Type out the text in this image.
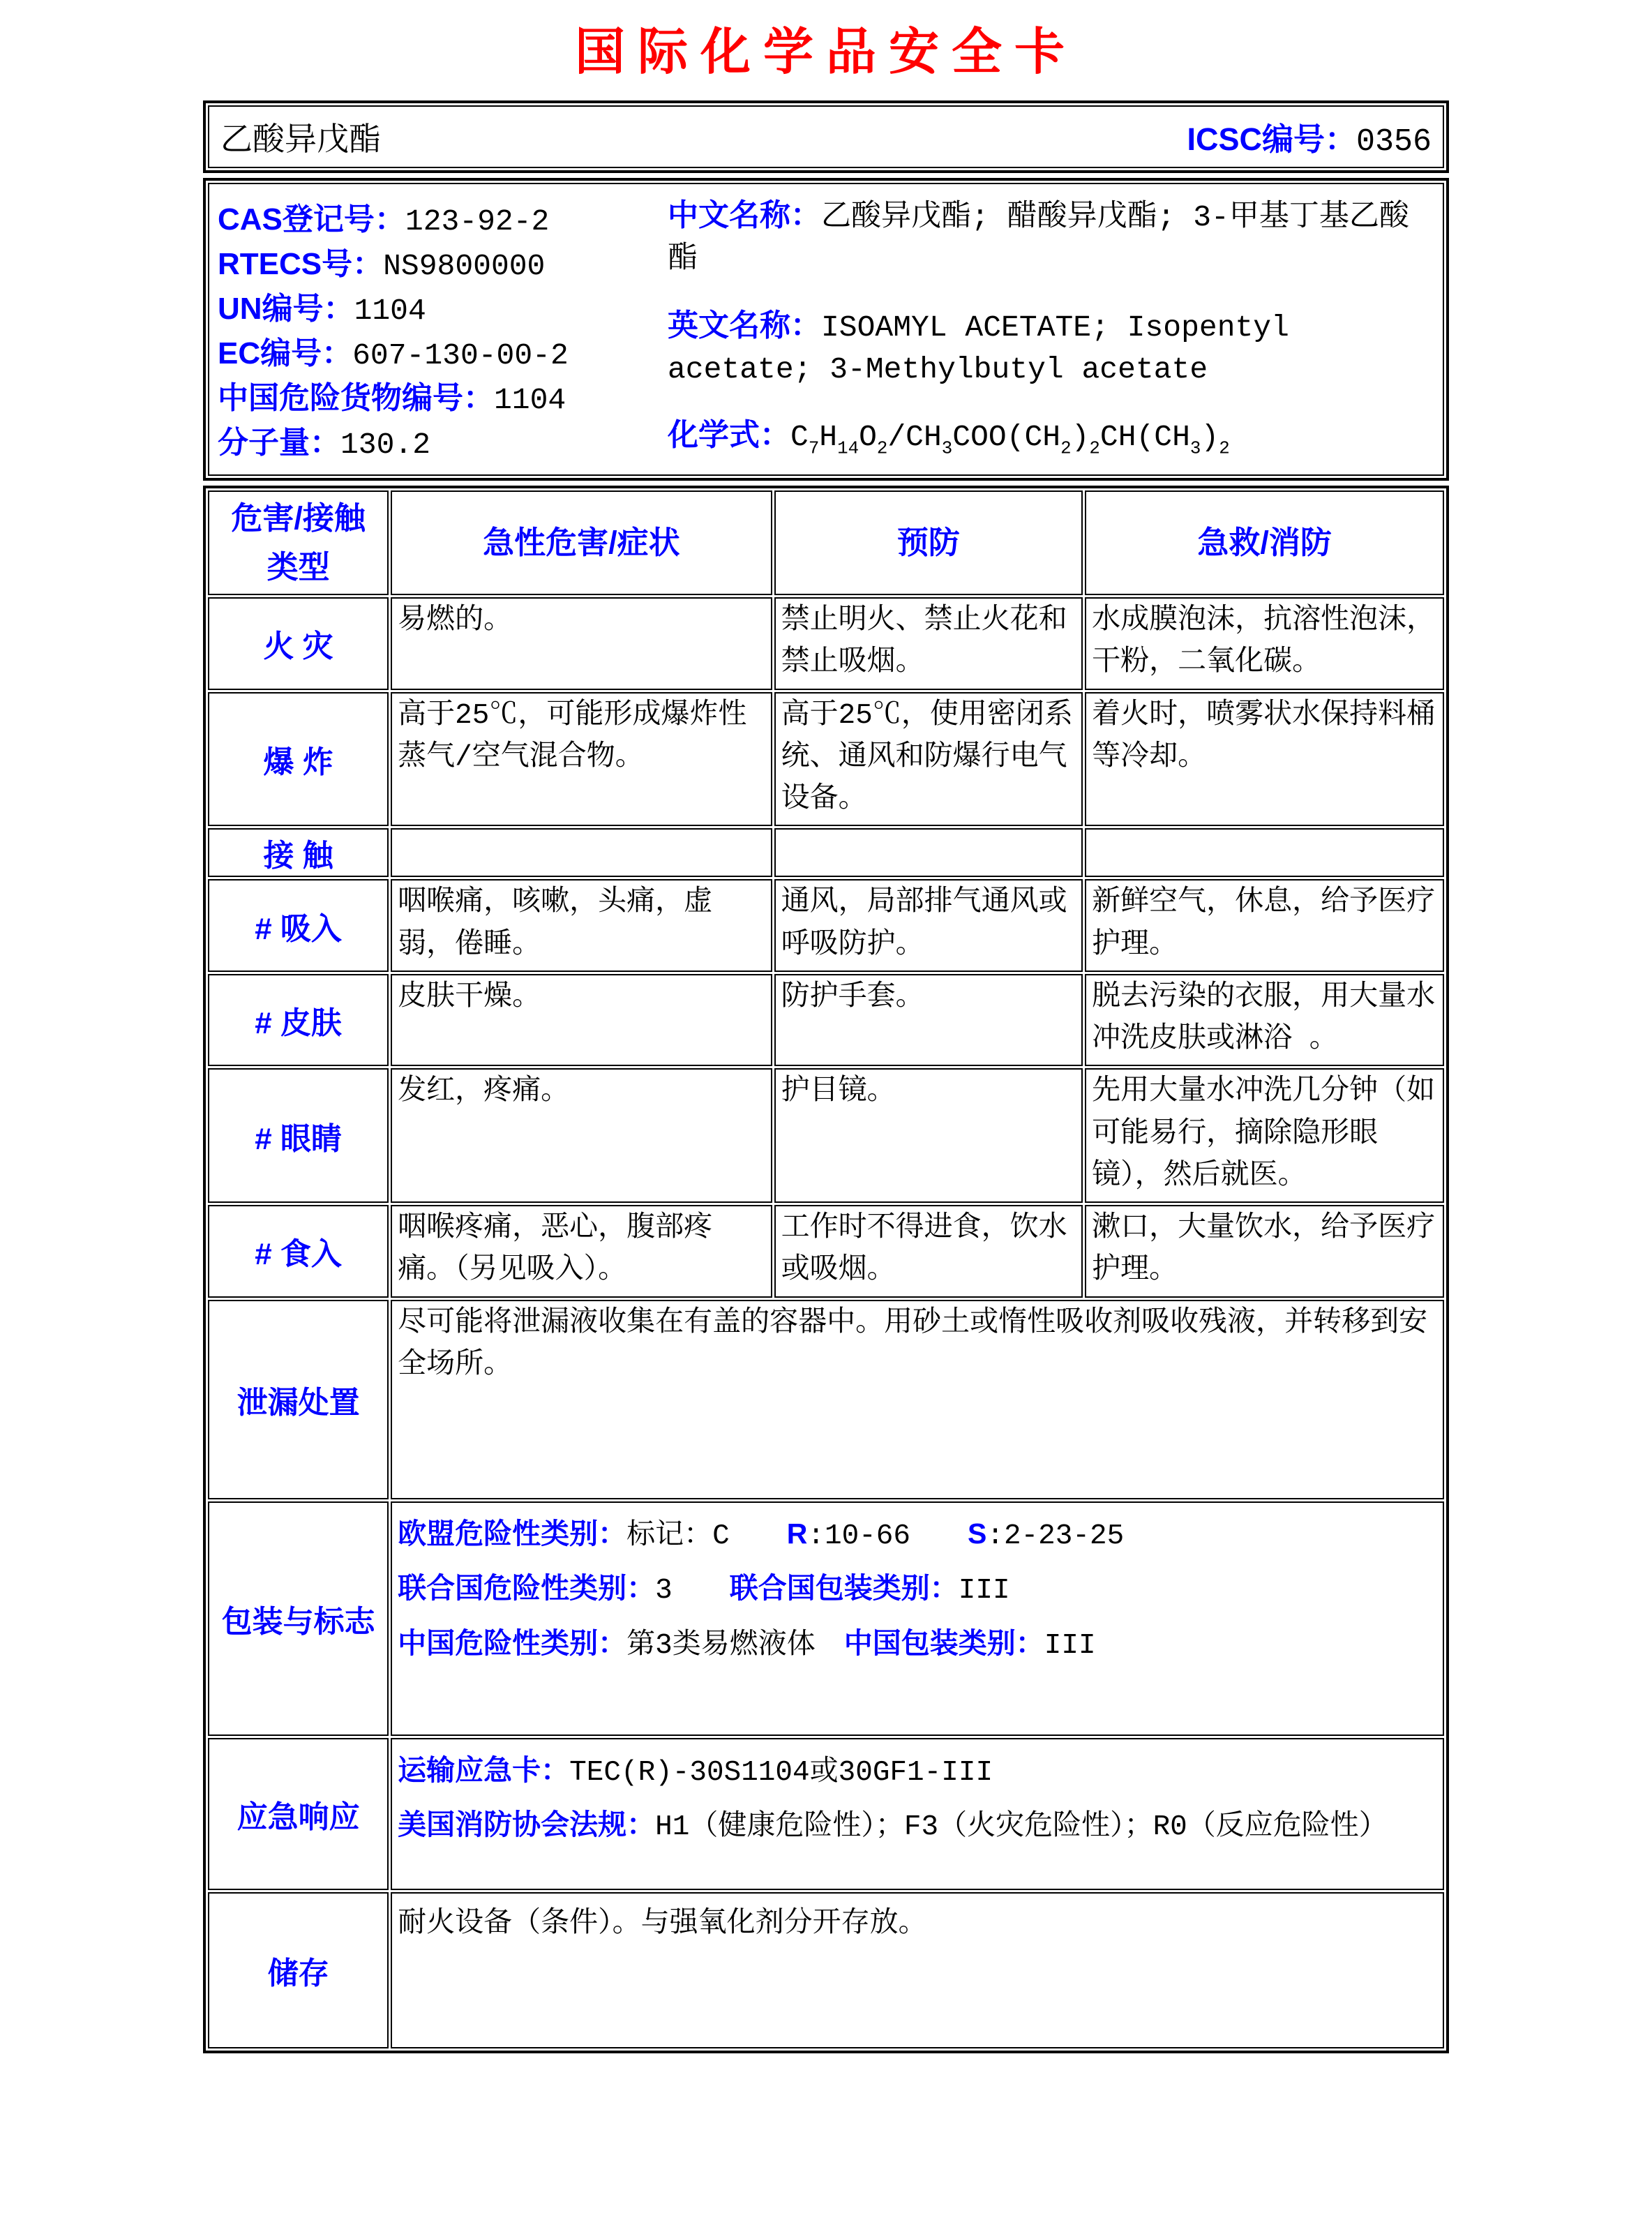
国际化学品安全卡
乙酸异戊酯	ICSC编号：0356
CAS登记号：123-92-2
RTECS号：NS9800000
UN编号：1104
EC编号：607-130-00-2
中国危险货物编号：1104
分子量：130.2
中文名称：乙酸异戊酯; 醋酸异戊酯; 3-甲基丁基乙酸酯
英文名称：ISOAMYL ACETATE; Isopentyl acetate; 3-Methylbutyl acetate
化学式：$C_7H_{14}O_2/CH_3COO(CH_2)_2CH(CH_3)_2$
危害/接触
类型	急性危害/症状	预防	急救/消防
火 灾	易燃的。	禁止明火、禁止火花和禁止吸烟。	水成膜泡沫，抗溶性泡沫，干粉，二氧化碳。
爆 炸	高于25℃，可能形成爆炸性蒸气/空气混合物。	高于25℃，使用密闭系统、通风和防爆行电气设备。	着火时，喷雾状水保持料桶等冷却。
接 触			
# 吸入	咽喉痛，咳嗽，头痛，虚弱，倦睡。	通风，局部排气通风或呼吸防护。	新鲜空气，休息，给予医疗护理。
# 皮肤	皮肤干燥。	防护手套。	脱去污染的衣服，用大量水冲洗皮肤或淋浴 。
# 眼睛	发红，疼痛。	护目镜。	先用大量水冲洗几分钟（如可能易行，摘除隐形眼镜），然后就医。
# 食入	咽喉疼痛，恶心，腹部疼痛。（另见吸入）。	工作时不得进食，饮水或吸烟。	漱口，大量饮水，给予医疗护理。
泄漏处置	尽可能将泄漏液收集在有盖的容器中。用砂土或惰性吸收剂吸收残液，并转移到安全场所。		
包装与标志	欧盟危险性类别：标记：C　　R:10-66　　S:2-23-25
联合国危险性类别：3　　联合国包装类别：III
中国危险性类别：第3类易燃液体　中国包装类别：III		

应急响应	运输应急卡：TEC(R)-30S1104或30GF1-III
美国消防协会法规：H1（健康危险性）；F3（火灾危险性）；R0（反应危险性）		

储存	耐火设备（条件）。与强氧化剂分开存放。		
